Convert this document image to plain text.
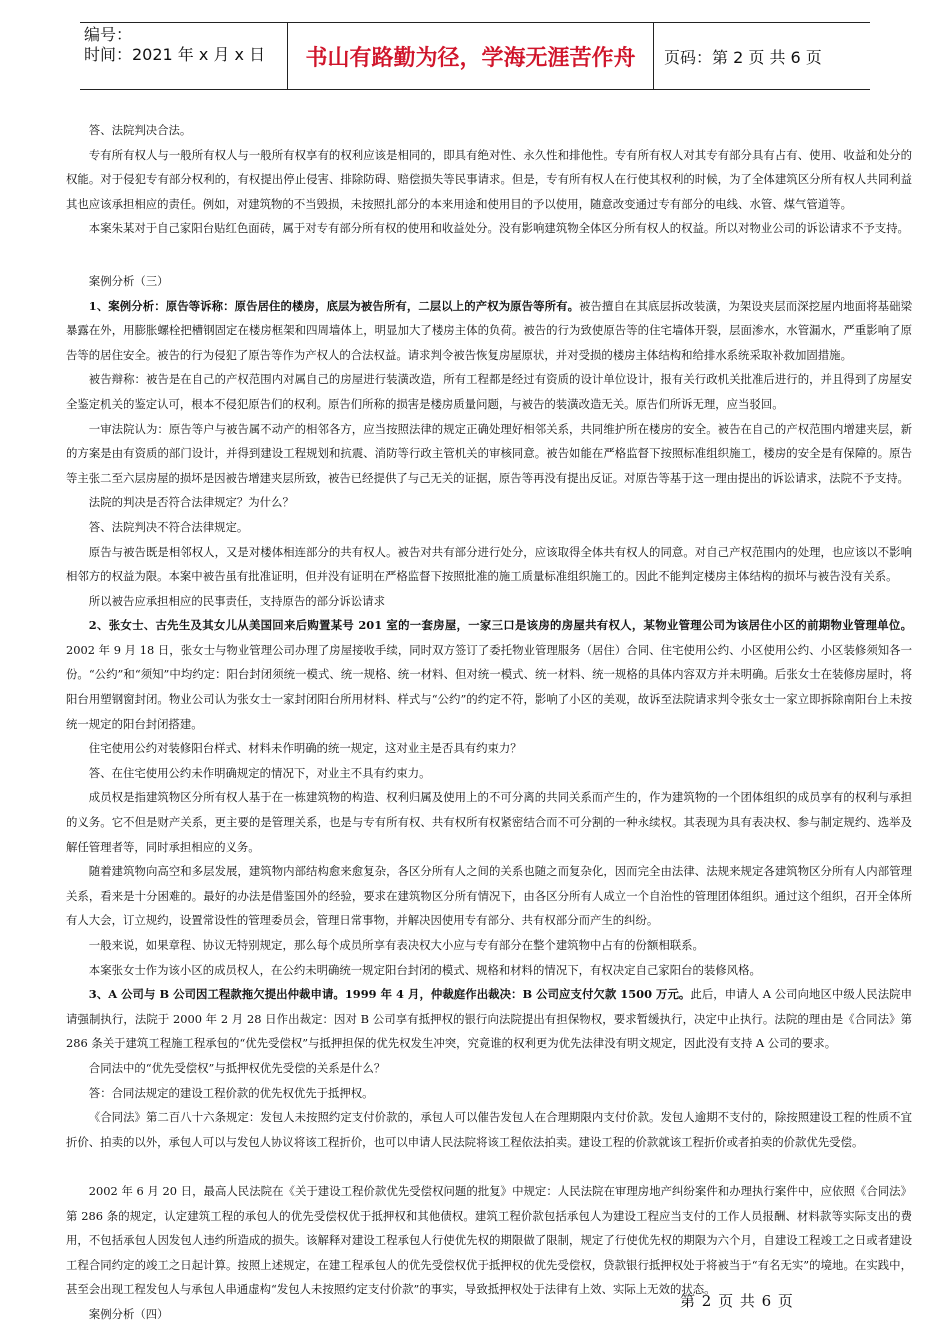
编号：
时间：2021 年 x 月 x 日	书山有路勤为径，学海无涯苦作舟	页码：第 2 页 共 6 页

答、法院判决合法。

专有所有权人与一般所有权人与一般所有权享有的权利应该是相同的，即具有绝对性、永久性和排他性。专有所有权人对其专有部分具有占有、使用、收益和处分的权能。对于侵犯专有部分权利的，有权提出停止侵害、排除防碍、赔偿损失等民事请求。但是，专有所有权人在行使其权利的时候，为了全体建筑区分所有权人共同利益其也应该承担相应的责任。例如，对建筑物的不当毁损，未按照扎部分的本来用途和使用目的予以使用，随意改变通过专有部分的电线、水管、煤气管道等。

本案朱某对于自己家阳台贴红色面砖，属于对专有部分所有权的使用和收益处分。没有影响建筑物全体区分所有权人的权益。所以对物业公司的诉讼请求不予支持。

案例分析（三）

1、案例分析：原告等诉称：原告居住的楼房，底层为被告所有，二层以上的产权为原告等所有。被告擅自在其底层拆改装潢，为架设夹层而深挖屋内地面将基础梁暴露在外，用膨胀螺栓把槽钢固定在楼房框架和四周墙体上，明显加大了楼房主体的负荷。被告的行为致使原告等的住宅墙体开裂，层面渗水，水管漏水，严重影响了原告等的居住安全。被告的行为侵犯了原告等作为产权人的合法权益。请求判令被告恢复房屋原状，并对受损的楼房主体结构和给排水系统采取补救加固措施。

被告辩称：被告是在自己的产权范围内对属自己的房屋进行装潢改造，所有工程都是经过有资质的设计单位设计，报有关行政机关批准后进行的，并且得到了房屋安全鉴定机关的鉴定认可，根本不侵犯原告们的权利。原告们所称的损害是楼房质量问题，与被告的装潢改造无关。原告们所诉无理，应当驳回。

一审法院认为：原告等户与被告属不动产的相邻各方，应当按照法律的规定正确处理好相邻关系，共同维护所在楼房的安全。被告在自己的产权范围内增建夹层，新的方案是由有资质的部门设计，并得到建设工程规划和抗震、消防等行政主管机关的审核同意。被告如能在严格监督下按照标准组织施工，楼房的安全是有保障的。原告等主张二至六层房屋的损坏是因被告增建夹层所致，被告已经提供了与己无关的证据，原告等再没有提出反证。对原告等基于这一理由提出的诉讼请求，法院不予支持。

法院的判决是否符合法律规定？为什么？

答、法院判决不符合法律规定。

原告与被告既是相邻权人，又是对楼体相连部分的共有权人。被告对共有部分进行处分，应该取得全体共有权人的同意。对自己产权范围内的处理，也应该以不影响相邻方的权益为限。本案中被告虽有批准证明，但并没有证明在严格监督下按照批准的施工质量标准组织施工的。因此不能判定楼房主体结构的损坏与被告没有关系。

所以被告应承担相应的民事责任，支持原告的部分诉讼请求

2、张女士、古先生及其女儿从美国回来后购置某号 201 室的一套房屋，一家三口是该房的房屋共有权人，某物业管理公司为该居住小区的前期物业管理单位。2002 年 9 月 18 日，张女士与物业管理公司办理了房屋接收手续，同时双方签订了委托物业管理服务（居住）合同、住宅使用公约、小区使用公约、小区装修须知各一份。“公约”和“须知”中均约定：阳台封闭须统一模式、统一规格、统一材料、但对统一模式、统一材料、统一规格的具体内容双方并未明确。后张女士在装修房屋时，将阳台用塑钢窗封闭。物业公司认为张女士一家封闭阳台所用材料、样式与“公约”的约定不符，影响了小区的美观，故诉至法院请求判令张女士一家立即拆除南阳台上未按统一规定的阳台封闭搭建。

住宅使用公约对装修阳台样式、材料未作明确的统一规定，这对业主是否具有约束力？

答、在住宅使用公约未作明确规定的情况下，对业主不具有约束力。

成员权是指建筑物区分所有权人基于在一栋建筑物的构造、权利归属及使用上的不可分离的共同关系而产生的，作为建筑物的一个团体组织的成员享有的权利与承担的义务。它不但是财产关系，更主要的是管理关系，也是与专有所有权、共有权所有权紧密结合而不可分割的一种永续权。其表现为具有表决权、参与制定规约、选举及解任管理者等，同时承担相应的义务。

随着建筑物向高空和多层发展，建筑物内部结构愈来愈复杂，各区分所有人之间的关系也随之而复杂化，因而完全由法律、法规来规定各建筑物区分所有人内部管理关系，看来是十分困难的。最好的办法是借鉴国外的经验，要求在建筑物区分所有情况下，由各区分所有人成立一个自治性的管理团体组织。通过这个组织，召开全体所有人大会，订立规约，设置常设性的管理委员会，管理日常事物，并解决因使用专有部分、共有权部分而产生的纠纷。

一般来说，如果章程、协议无特别规定，那么每个成员所享有表决权大小应与专有部分在整个建筑物中占有的份额相联系。

本案张女士作为该小区的成员权人，在公约未明确统一规定阳台封闭的模式、规格和材料的情况下，有权决定自己家阳台的装修风格。

3、A 公司与 B 公司因工程款拖欠提出仲裁申请。1999 年 4 月，仲裁庭作出裁决：B 公司应支付欠款 1500 万元。此后，申请人 A 公司向地区中级人民法院申请强制执行，法院于 2000 年 2 月 28 日作出裁定：因对 B 公司享有抵押权的银行向法院提出有担保物权，要求暂缓执行，决定中止执行。法院的理由是《合同法》第 286 条关于建筑工程施工程承包的“优先受偿权”与抵押担保的优先权发生冲突，究竟谁的权利更为优先法律没有明文规定，因此没有支持 A 公司的要求。

合同法中的“优先受偿权”与抵押权优先受偿的关系是什么？

答：合同法规定的建设工程价款的优先权优先于抵押权。

《合同法》第二百八十六条规定：发包人未按照约定支付价款的，承包人可以催告发包人在合理期限内支付价款。发包人逾期不支付的，除按照建设工程的性质不宜折价、拍卖的以外，承包人可以与发包人协议将该工程折价，也可以申请人民法院将该工程依法拍卖。建设工程的价款就该工程折价或者拍卖的价款优先受偿。

2002 年 6 月 20 日，最高人民法院在《关于建设工程价款优先受偿权问题的批复》中规定：人民法院在审理房地产纠纷案件和办理执行案件中，应依照《合同法》第 286 条的规定，认定建筑工程的承包人的优先受偿权优于抵押权和其他债权。建筑工程价款包括承包人为建设工程应当支付的工作人员报酬、材料款等实际支出的费用，不包括承包人因发包人违约所造成的损失。该解释对建设工程承包人行使优先权的期限做了限制，规定了行使优先权的期限为六个月，自建设工程竣工之日或者建设工程合同约定的竣工之日起计算。按照上述规定，在建工程承包人的优先受偿权优于抵押权的优先受偿权，贷款银行抵押权处于将被当于“有名无实”的境地。在实践中，甚至会出现工程发包人与承包人串通虚构“发包人未按照约定支付价款”的事实，导致抵押权处于法律有上效、实际上无效的状态。

案例分析（四）

第 2 页 共 6 页
